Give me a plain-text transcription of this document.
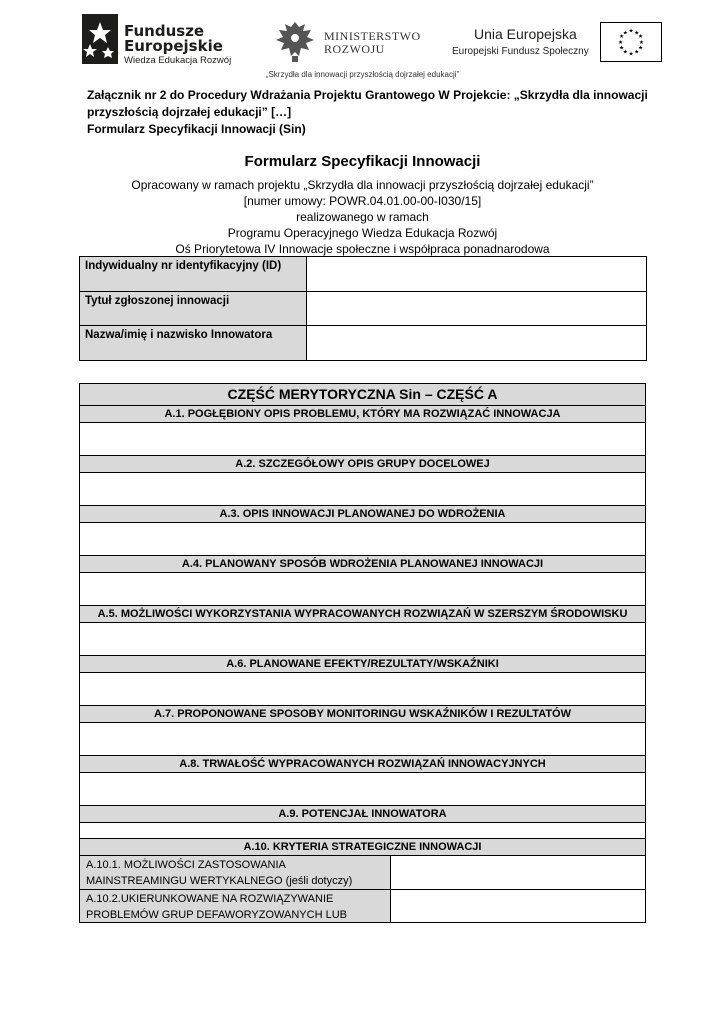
Fundusze
Europejskie
Wiedza Edukacja Rozwój
MINISTERSTWO
ROZWOJU
Unia Europejska
Europejski Fundusz Społeczny
★ ★
★
★
★
★
★
★
★
★
★
★
„Skrzydła dla innowacji przyszłością dojrzałej edukacji”
Załącznik nr 2 do Procedury Wdrażania Projektu Grantowego W Projekcie: „Skrzydła dla innowacji
przyszłością dojrzałej edukacji” […]
Formularz Specyfikacji Innowacji (Sin)
Formularz Specyfikacji Innowacji
Opracowany w ramach projektu „Skrzydła dla innowacji przyszłością dojrzałej edukacji”
[numer umowy: POWR.04.01.00-00-I030/15]
realizowanego w ramach
Programu Operacyjnego Wiedza Edukacja Rozwój
Oś Priorytetowa IV Innowacje społeczne i współpraca ponadnarodowa
Indywidualny nr identyfikacyjny (ID)
Tytuł zgłoszonej innowacji
Nazwa/imię i nazwisko Innowatora
CZĘŚĆ MERYTORYCZNA Sin – CZĘŚĆ A
A.1. POGŁĘBIONY OPIS PROBLEMU, KTÓRY MA ROZWIĄZAĆ INNOWACJA
A.2. SZCZEGÓŁOWY OPIS GRUPY DOCELOWEJ
A.3. OPIS INNOWACJI PLANOWANEJ DO WDROŻENIA
A.4. PLANOWANY SPOSÓB WDROŻENIA PLANOWANEJ INNOWACJI
A.5. MOŻLIWOŚCI WYKORZYSTANIA WYPRACOWANYCH ROZWIĄZAŃ W SZERSZYM ŚRODOWISKU
A.6. PLANOWANE EFEKTY/REZULTATY/WSKAŹNIKI
A.7. PROPONOWANE SPOSOBY MONITORINGU WSKAŹNIKÓW I REZULTATÓW
A.8. TRWAŁOŚĆ WYPRACOWANYCH ROZWIĄZAŃ INNOWACYJNYCH
A.9. POTENCJAŁ INNOWATORA
A.10. KRYTERIA STRATEGICZNE INNOWACJI
A.10.1. MOŻLIWOŚCI ZASTOSOWANIA
MAINSTREAMINGU WERTYKALNEGO (jeśli dotyczy)
A.10.2.UKIERUNKOWANE NA ROZWIĄZYWANIE
PROBLEMÓW GRUP DEFAWORYZOWANYCH LUB
